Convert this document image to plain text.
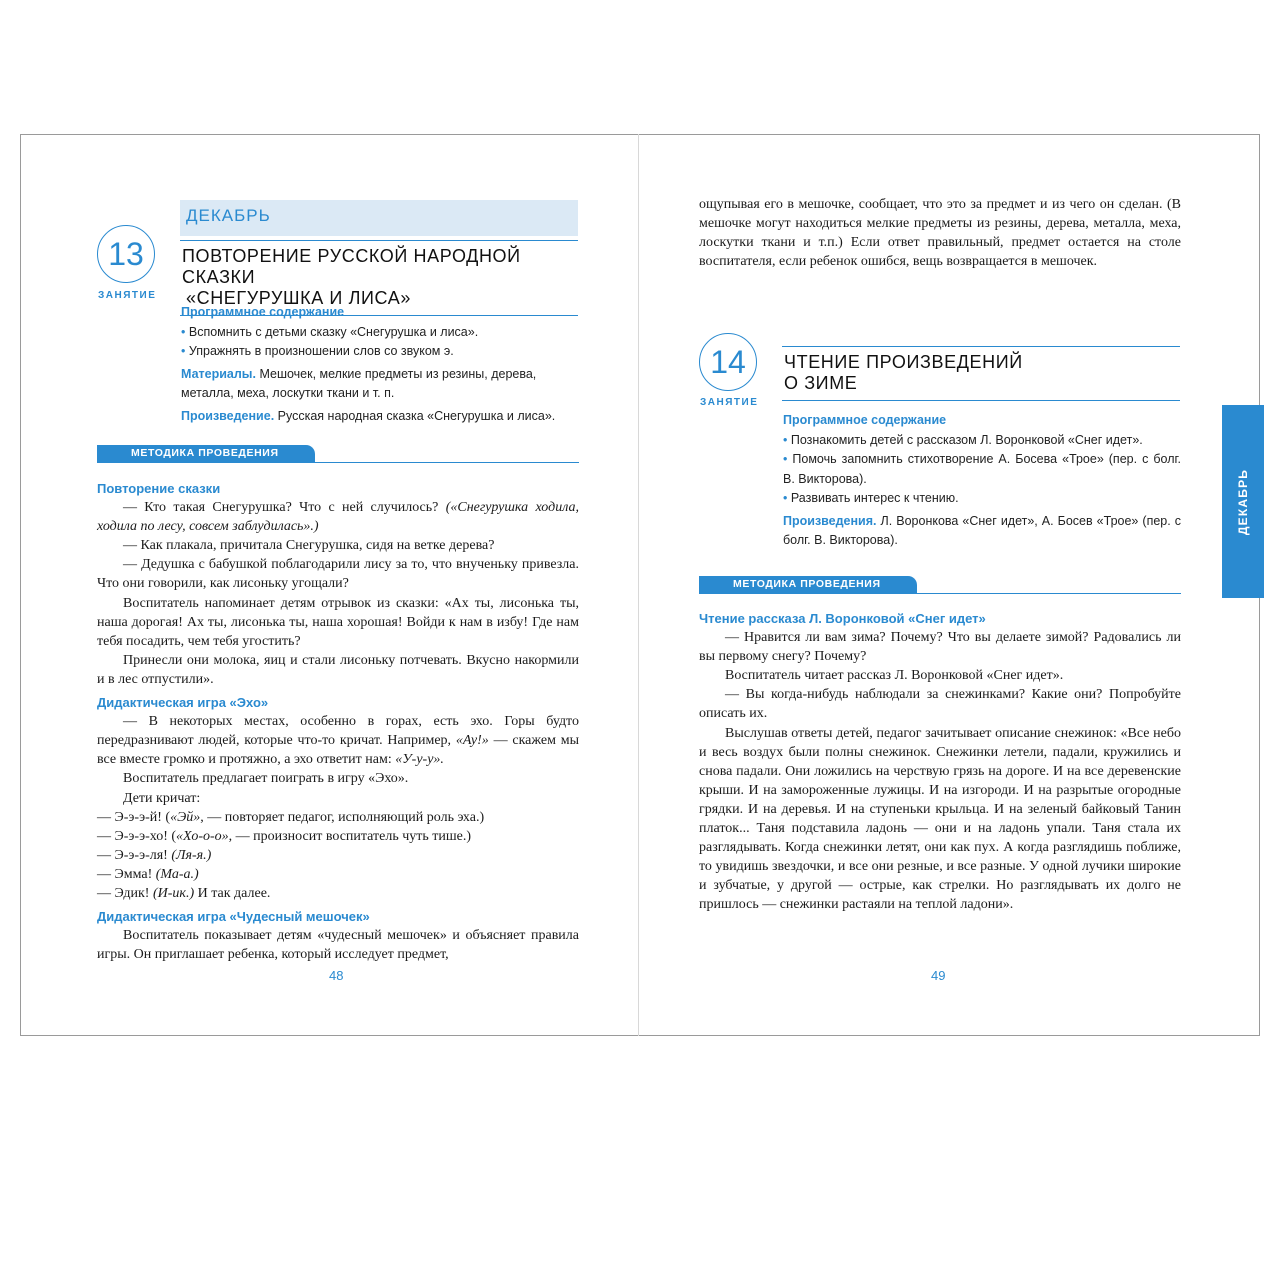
ДЕКАБРЬ
13
ЗАНЯТИЕ
ПОВТОРЕНИЕ РУССКОЙ НАРОДНОЙ СКАЗКИ
«СНЕГУРУШКА И ЛИСА»

Программное содержание

• Вспомнить с детьми сказку «Снегурушка и лиса».

• Упражнять в произношении слов со звуком э.

Материалы. Мешочек, мелкие предметы из резины, дерева,

металла, меха, лоскутки ткани и т. п.

Произведение. Русская народная сказка «Снегурушка и лиса».

МЕТОДИКА ПРОВЕДЕНИЯ

Повторение сказки

— Кто такая Снегурушка? Что с ней случилось? («Снегурушка ходила, ходила по лесу, совсем заблудилась».)

— Как плакала, причитала Снегурушка, сидя на ветке дерева?

— Дедушка с бабушкой поблагодарили лису за то, что внученьку привезла. Что они говорили, как лисоньку угощали?

Воспитатель напоминает детям отрывок из сказки: «Ах ты, лисонька ты, наша дорогая! Ах ты, лисонька ты, наша хорошая! Войди к нам в избу! Где нам тебя посадить, чем тебя угостить?

Принесли они молока, яиц и стали лисоньку потчевать. Вкусно накормили и в лес отпустили».

Дидактическая игра «Эхо»

— В некоторых местах, особенно в горах, есть эхо. Горы будто передразнивают людей, которые что-то кричат. Например, «Ау!» — скажем мы все вместе громко и протяжно, а эхо ответит нам: «У-у-у».

Воспитатель предлагает поиграть в игру «Эхо».

Дети кричат:

— Э-э-э-й! («Эй», — повторяет педагог, исполняющий роль эха.)

— Э-э-э-хо! («Хо-о-о», — произносит воспитатель чуть тише.)

— Э-э-э-ля! (Ля-я.)

— Эмма! (Ма-а.)

— Эдик! (И-ик.) И так далее.

Дидактическая игра «Чудесный мешочек»

Воспитатель показывает детям «чудесный мешочек» и объясняет правила игры. Он приглашает ребенка, который исследует предмет,

48

ощупывая его в мешочке, сообщает, что это за предмет и из чего он сделан. (В мешочке могут находиться мелкие предметы из резины, дерева, металла, меха, лоскутки ткани и т.п.) Если ответ правильный, предмет остается на столе воспитателя, если ребенок ошибся, вещь возвращается в мешочек.

14
ЗАНЯТИЕ
ЧТЕНИЕ ПРОИЗВЕДЕНИЙ
О ЗИМЕ

Программное содержание

• Познакомить детей с рассказом Л. Воронковой «Снег идет».

• Помочь запомнить стихотворение А. Босева «Трое» (пер. с болг. В. Викторова).

• Развивать интерес к чтению.

Произведения. Л. Воронкова «Снег идет», А. Босев «Трое» (пер. с болг. В. Викторова).

МЕТОДИКА ПРОВЕДЕНИЯ

Чтение рассказа Л. Воронковой «Снег идет»

— Нравится ли вам зима? Почему? Что вы делаете зимой? Радовались ли вы первому снегу? Почему?

Воспитатель читает рассказ Л. Воронковой «Снег идет».

— Вы когда-нибудь наблюдали за снежинками? Какие они? Попробуйте описать их.

Выслушав ответы детей, педагог зачитывает описание снежинок: «Все небо и весь воздух были полны снежинок. Снежинки летели, падали, кружились и снова падали. Они ложились на черствую грязь на дороге. И на все деревенские крыши. И на замороженные лужицы. И на изгороди. И на разрытые огородные грядки. И на деревья. И на ступеньки крыльца. И на зеленый байковый Танин платок... Таня подставила ладонь — они и на ладонь упали. Таня стала их разглядывать. Когда снежинки летят, они как пух. А когда разглядишь поближе, то увидишь звездочки, и все они резные, и все разные. У одной лучики широкие и зубчатые, у другой — острые, как стрелки. Но разглядывать их долго не пришлось — снежинки растаяли на теплой ладони».

49
ДЕКАБРЬ
